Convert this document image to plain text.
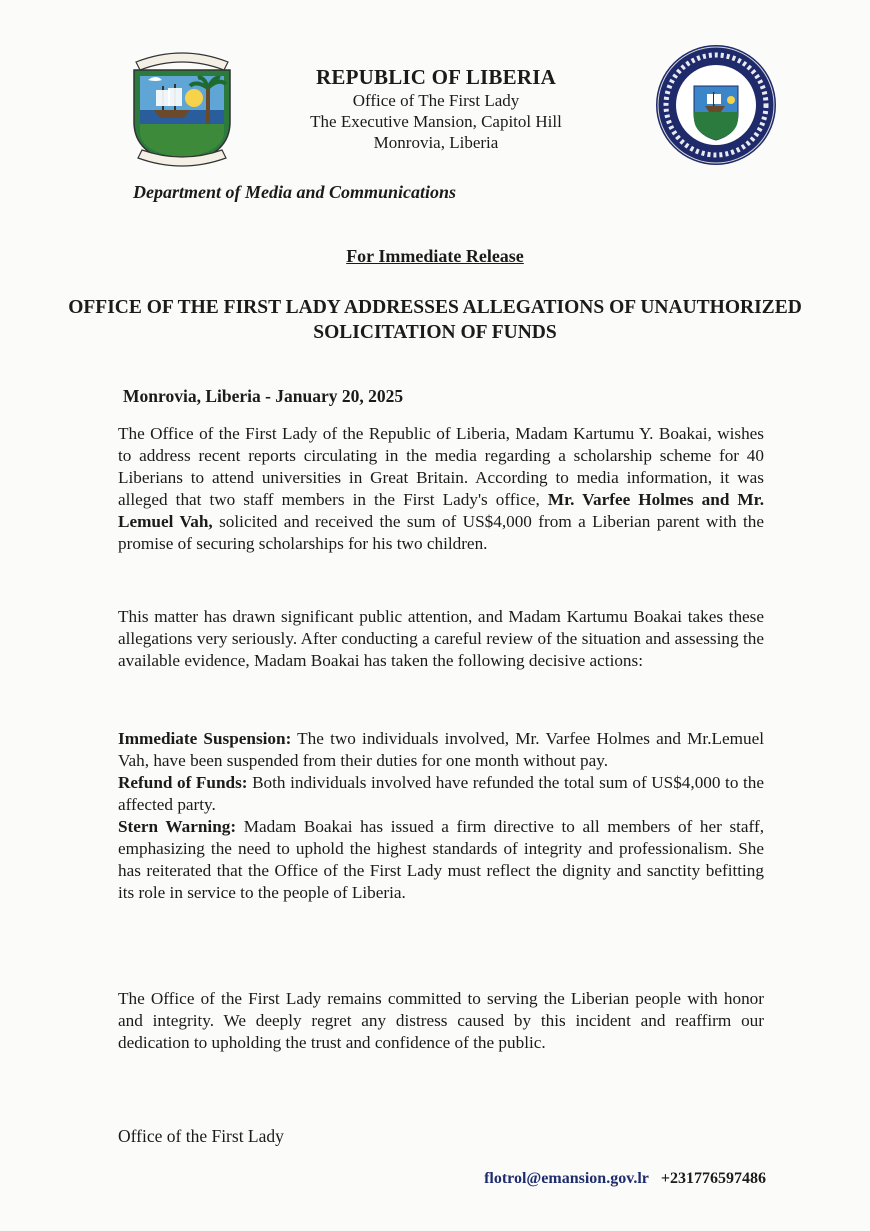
REPUBLIC OF LIBERIA
Office of The First Lady
The Executive Mansion, Capitol Hill
Monrovia, Liberia
Department of Media and Communications
For Immediate Release
OFFICE OF THE FIRST LADY ADDRESSES ALLEGATIONS OF UNAUTHORIZED SOLICITATION OF FUNDS
Monrovia, Liberia - January 20, 2025
The Office of the First Lady of the Republic of Liberia, Madam Kartumu Y. Boakai, wishes to address recent reports circulating in the media regarding a scholarship scheme for 40 Liberians to attend universities in Great Britain. According to media information, it was alleged that two staff members in the First Lady's office, Mr. Varfee Holmes and Mr. Lemuel Vah, solicited and received the sum of US$4,000 from a Liberian parent with the promise of securing scholarships for his two children.
This matter has drawn significant public attention, and Madam Kartumu Boakai takes these allegations very seriously. After conducting a careful review of the situation and assessing the available evidence, Madam Boakai has taken the following decisive actions:

Immediate Suspension: The two individuals involved, Mr. Varfee Holmes and Mr.Lemuel Vah, have been suspended from their duties for one month without pay.

Refund of Funds: Both individuals involved have refunded the total sum of US$4,000 to the affected party.

Stern Warning: Madam Boakai has issued a firm directive to all members of her staff, emphasizing the need to uphold the highest standards of integrity and professionalism. She has reiterated that the Office of the First Lady must reflect the dignity and sanctity befitting its role in service to the people of Liberia.

The Office of the First Lady remains committed to serving the Liberian people with honor and integrity. We deeply regret any distress caused by this incident and reaffirm our dedication to upholding the trust and confidence of the public.
Office of the First Lady
flotrol@emansion.gov.lr +231776597486
